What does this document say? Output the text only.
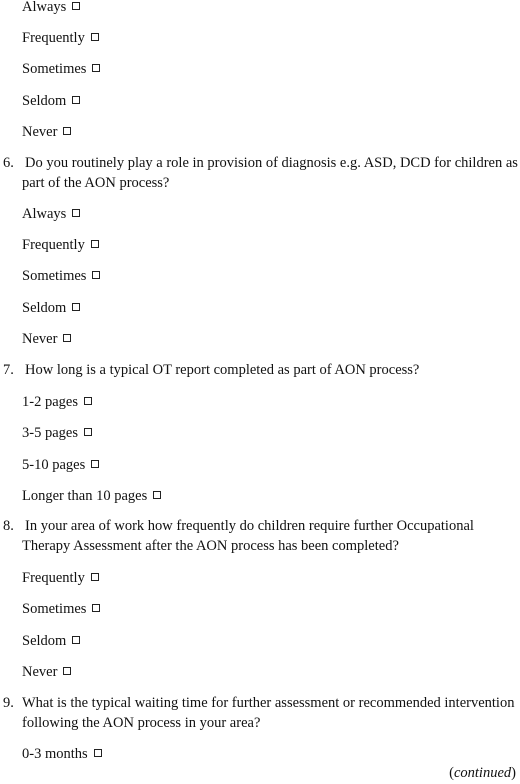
Always
Frequently
Sometimes
Seldom
Never
6. Do you routinely play a role in provision of diagnosis e.g. ASD, DCD for children as
part of the AON process?
Always
Frequently
Sometimes
Seldom
Never
7. How long is a typical OT report completed as part of AON process?
1-2 pages
3-5 pages
5-10 pages
Longer than 10 pages
8. In your area of work how frequently do children require further Occupational
Therapy Assessment after the AON process has been completed?
Frequently
Sometimes
Seldom
Never
9. What is the typical waiting time for further assessment or recommended intervention
following the AON process in your area?
0-3 months
(continued)
